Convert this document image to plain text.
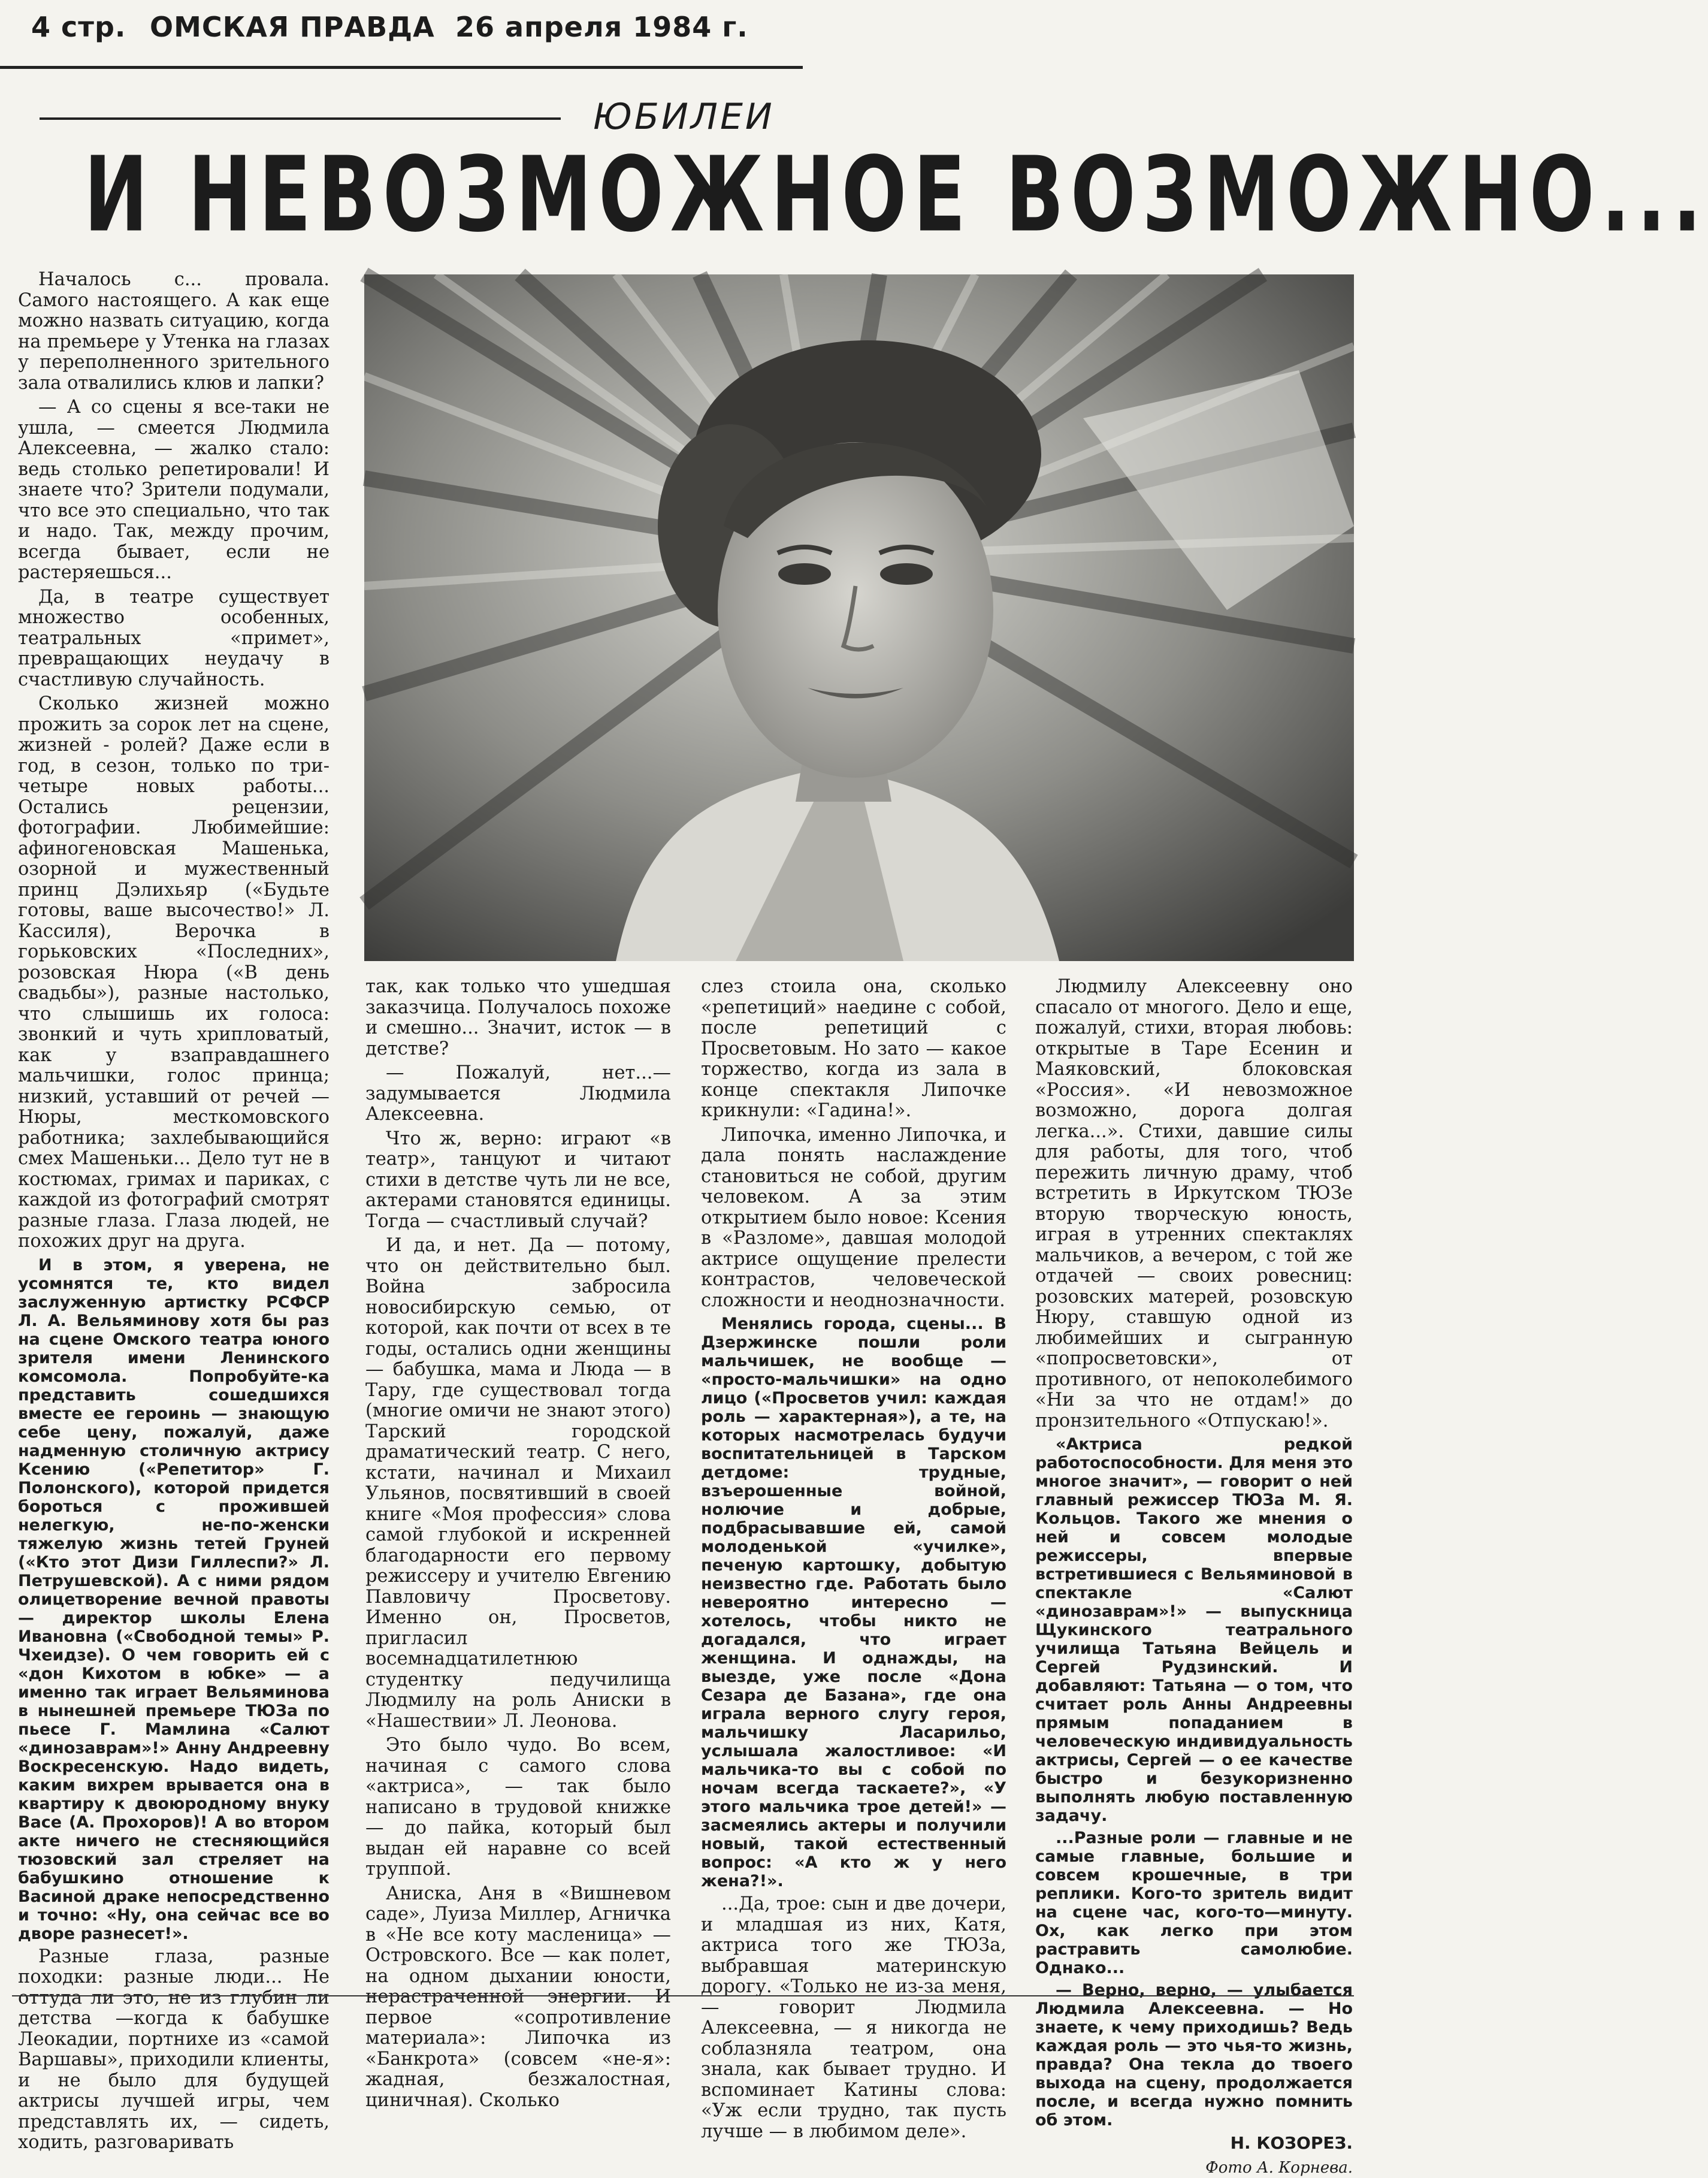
4 стр. ОМСКАЯ ПРАВДА 26 апреля 1984 г.
ЮБИЛЕИ
И НЕВОЗМОЖНОЕ ВОЗМОЖНО...

Началось с... провала. Самого настоящего. А как еще можно назвать ситуацию, когда на премьере у Утенка на глазах у переполненного зрительного зала отвалились клюв и лапки?

— А со сцены я все-таки не ушла, — смеется Людмила Алексеевна, — жалко стало: ведь столько репетировали! И знаете что? Зрители подумали, что все это специально, что так и надо. Так, между прочим, всегда бывает, если не растеряешься...

Да, в театре существует множество особенных, театральных «примет», превращающих неудачу в счастливую случайность.

Сколько жизней можно прожить за сорок лет на сцене, жизней - ролей? Даже если в год, в сезон, только по три-четыре новых работы... Остались рецензии, фотографии. Любимейшие: афиногеновская Машенька, озорной и мужественный принц Дэлихьяр («Будьте готовы, ваше высочество!» Л. Кассиля), Верочка в горьковских «Последних», розовская Нюра («В день свадьбы»), разные настолько, что слышишь их голоса: звонкий и чуть хрипловатый, как у взаправдашнего мальчишки, голос принца; низкий, уставший от речей — Нюры, месткомовского работника; захлебывающийся смех Машеньки... Дело тут не в костюмах, гримах и париках, с каждой из фотографий смотрят разные глаза. Глаза людей, не похожих друг на друга.

И в этом, я уверена, не усомнятся те, кто видел заслуженную артистку РСФСР Л. А. Вельяминову хотя бы раз на сцене Омского театра юного зрителя имени Ленинского комсомола. Попробуйте-ка представить сошедшихся вместе ее героинь — знающую себе цену, пожалуй, даже надменную столичную актрису Ксению («Репетитор» Г. Полонского), которой придется бороться с прожившей нелегкую, не-по-женски тяжелую жизнь тетей Груней («Кто этот Дизи Гиллеспи?» Л. Петрушевской). А с ними рядом олицетворение вечной правоты — директор школы Елена Ивановна («Свободной темы» Р. Чхеидзе). О чем говорить ей с «дон Кихотом в юбке» — а именно так играет Вельяминова в нынешней премьере ТЮЗа по пьесе Г. Мамлина «Салют «динозаврам»!» Анну Андреевну Воскресенскую. Надо видеть, каким вихрем врывается она в квартиру к двоюродному внуку Васе (А. Прохоров)! А во втором акте ничего не стесняющийся тюзовский зал стреляет на бабушкино отношение к Васиной драке непосредственно и точно: «Ну, она сейчас все во дворе разнесет!».

Разные глаза, разные походки: разные люди... Не оттуда ли это, не из глубин ли детства —когда к бабушке Леокадии, портнихе из «самой Варшавы», приходили клиенты, и не было для будущей актрисы лучшей игры, чем представлять их, — сидеть, ходить, разговаривать

так, как только что ушедшая заказчица. Получалось похоже и смешно... Значит, исток — в детстве?

— Пожалуй, нет...—задумывается Людмила Алексеевна.

Что ж, верно: играют «в театр», танцуют и читают стихи в детстве чуть ли не все, актерами становятся единицы. Тогда — счастливый случай?

И да, и нет. Да — потому, что он действительно был. Война забросила новосибирскую семью, от которой, как почти от всех в те годы, остались одни женщины — бабушка, мама и Люда — в Тару, где существовал тогда (многие омичи не знают этого) Тарский городской драматический театр. С него, кстати, начинал и Михаил Ульянов, посвятивший в своей книге «Моя профессия» слова самой глубокой и искренней благодарности его первому режиссеру и учителю Евгению Павловичу Просветову. Именно он, Просветов, пригласил восемнадцатилетнюю студентку педучилища Людмилу на роль Аниски в «Нашествии» Л. Леонова.

Это было чудо. Во всем, начиная с самого слова «актриса», — так было написано в трудовой книжке — до пайка, который был выдан ей наравне со всей труппой.

Аниска, Аня в «Вишневом саде», Луиза Миллер, Агничка в «Не все коту масленица» — Островского. Все — как полет, на одном дыхании юности, нерастраченной энергии. И первое «сопротивление материала»: Липочка из «Банкрота» (совсем «не-я»: жадная, безжалостная, циничная). Сколько

слез стоила она, сколько «репетиций» наедине с собой, после репетиций с Просветовым. Но зато — какое торжество, когда из зала в конце спектакля Липочке крикнули: «Гадина!».

Липочка, именно Липочка, и дала понять наслаждение становиться не собой, другим человеком. А за этим открытием было новое: Ксения в «Разломе», давшая молодой актрисе ощущение прелести контрастов, человеческой сложности и неоднозначности.

Менялись города, сцены... В Дзержинске пошли роли мальчишек, не вообще — «просто-мальчишки» на одно лицо («Просветов учил: каждая роль — характерная»), а те, на которых насмотрелась будучи воспитательницей в Тарском детдоме: трудные, взъерошенные войной, нолючие и добрые, подбрасывавшие ей, самой молоденькой «училке», печеную картошку, добытую неизвестно где. Работать было невероятно интересно — хотелось, чтобы никто не догадался, что играет женщина. И однажды, на выезде, уже после «Дона Сезара де Базана», где она играла верного слугу героя, мальчишку Ласарильо, услышала жалостливое: «И мальчика-то вы с собой по ночам всегда таскаете?», «У этого мальчика трое детей!» — засмеялись актеры и получили новый, такой естественный вопрос: «А кто ж у него жена?!».

...Да, трое: сын и две дочери, и младшая из них, Катя, актриса того же ТЮЗа, выбравшая материнскую дорогу. «Только не из-за меня, — говорит Людмила Алексеевна, — я никогда не соблазняла театром, она знала, как бывает трудно. И вспоминает Катины слова: «Уж если трудно, так пусть лучше — в любимом деле».

Людмилу Алексеевну оно спасало от многого. Дело и еще, пожалуй, стихи, вторая любовь: открытые в Таре Есенин и Маяковский, блоковская «Россия». «И невозможное возможно, дорога долгая легка...». Стихи, давшие силы для работы, для того, чтоб пережить личную драму, чтоб встретить в Иркутском ТЮЗе вторую творческую юность, играя в утренних спектаклях мальчиков, а вечером, с той же отдачей — своих ровесниц: розовских матерей, розовскую Нюру, ставшую одной из любимейших и сыгранную «попросветовски», от противного, от непоколебимого «Ни за что не отдам!» до пронзительного «Отпускаю!».

«Актриса редкой работоспособности. Для меня это многое значит», — говорит о ней главный режиссер ТЮЗа М. Я. Кольцов. Такого же мнения о ней и совсем молодые режиссеры, впервые встретившиеся с Вельяминовой в спектакле «Салют «динозаврам»!» — выпускница Щукинского театрального училища Татьяна Вейцель и Сергей Рудзинский. И добавляют: Татьяна — о том, что считает роль Анны Андреевны прямым попаданием в человеческую индивидуальность актрисы, Сергей — о ее качестве быстро и безукоризненно выполнять любую поставленную задачу.

...Разные роли — главные и не самые главные, большие и совсем крошечные, в три реплики. Кого-то зритель видит на сцене час, кого-то—минуту. Ох, как легко при этом растравить самолюбие. Однако...

— Верно, верно, — улыбается Людмила Алексеевна. — Но знаете, к чему приходишь? Ведь каждая роль — это чья-то жизнь, правда? Она текла до твоего выхода на сцену, продолжается после, и всегда нужно помнить об этом.

Н. КОЗОРЕЗ.

Фото А. Корнева.
